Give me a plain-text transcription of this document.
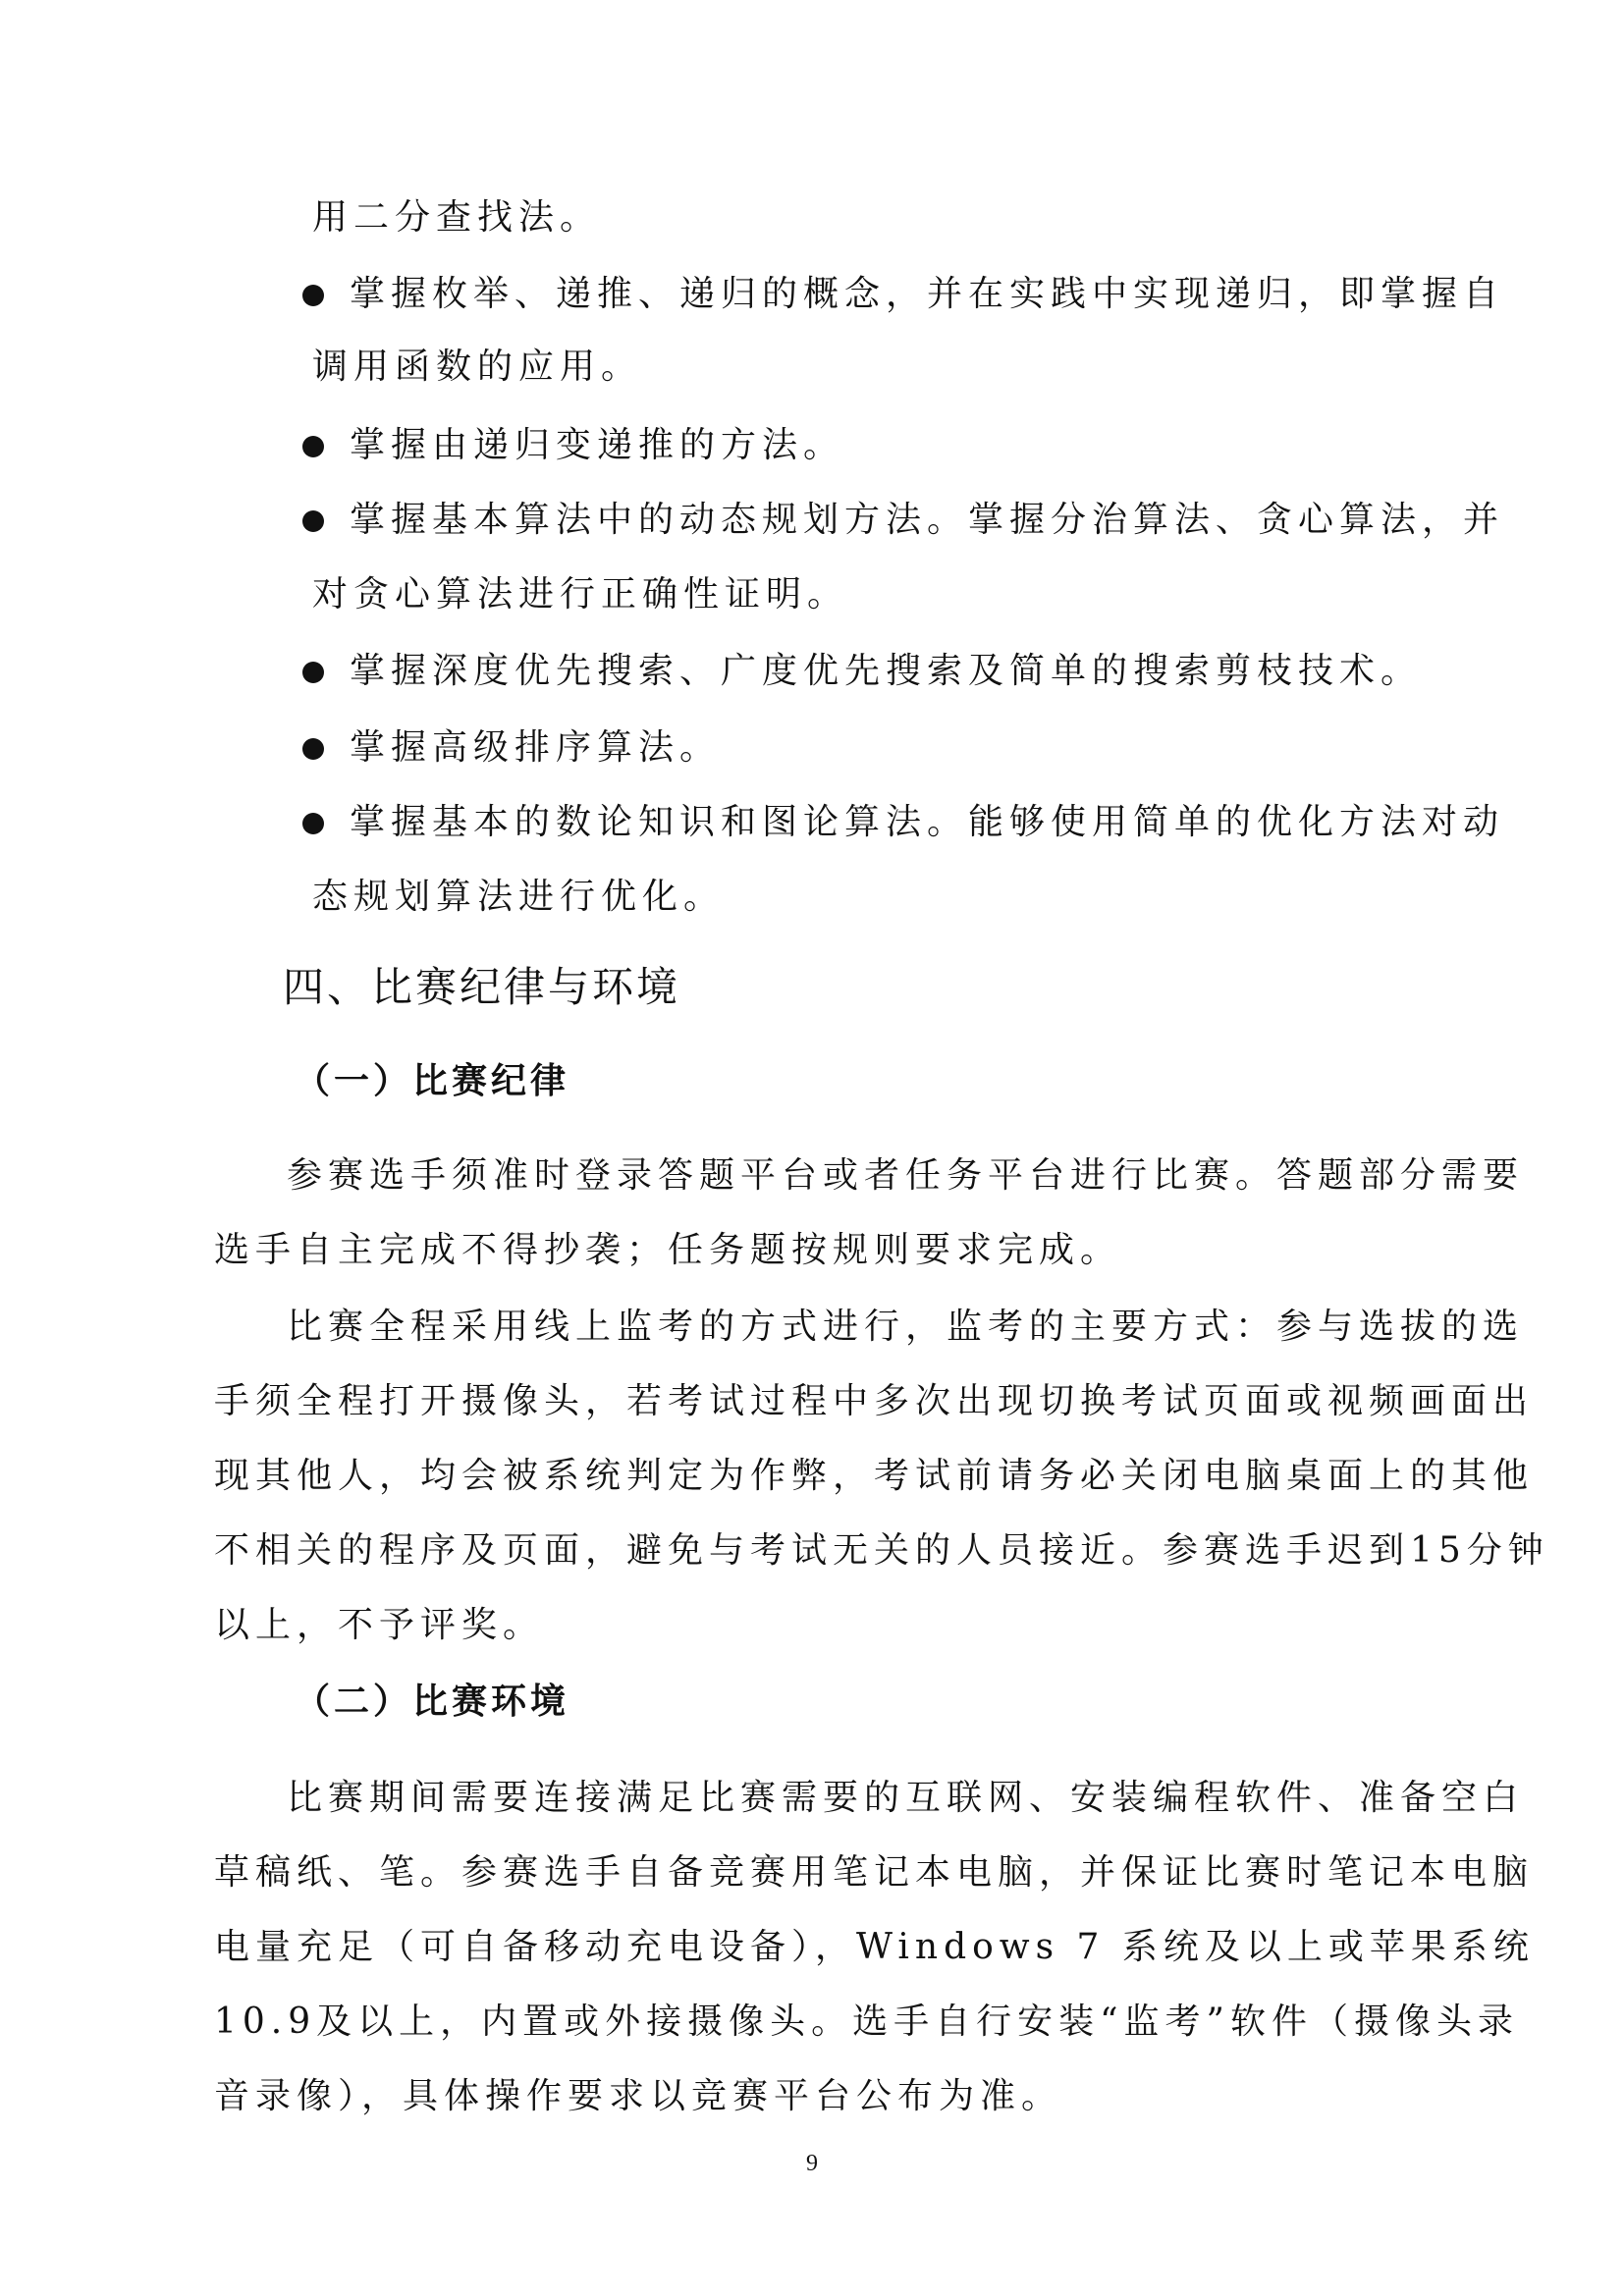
用二分查找法。
掌握枚举、递推、递归的概念，并在实践中实现递归，即掌握自
调用函数的应用。
掌握由递归变递推的方法。
掌握基本算法中的动态规划方法。掌握分治算法、贪心算法，并
对贪心算法进行正确性证明。
掌握深度优先搜索、广度优先搜索及简单的搜索剪枝技术。
掌握高级排序算法。
掌握基本的数论知识和图论算法。能够使用简单的优化方法对动
态规划算法进行优化。
四、比赛纪律与环境
（一）比赛纪律
参赛选手须准时登录答题平台或者任务平台进行比赛。答题部分需要
选手自主完成不得抄袭；任务题按规则要求完成。
比赛全程采用线上监考的方式进行，监考的主要方式：参与选拔的选
手须全程打开摄像头，若考试过程中多次出现切换考试页面或视频画面出
现其他人，均会被系统判定为作弊，考试前请务必关闭电脑桌面上的其他
不相关的程序及页面，避免与考试无关的人员接近。参赛选手迟到15分钟
以上，不予评奖。
（二）比赛环境
比赛期间需要连接满足比赛需要的互联网、安装编程软件、准备空白
草稿纸、笔。参赛选手自备竞赛用笔记本电脑，并保证比赛时笔记本电脑
电量充足（可自备移动充电设备），Windows 7 系统及以上或苹果系统
10.9及以上，内置或外接摄像头。选手自行安装“监考”软件（摄像头录
音录像），具体操作要求以竞赛平台公布为准。
9
